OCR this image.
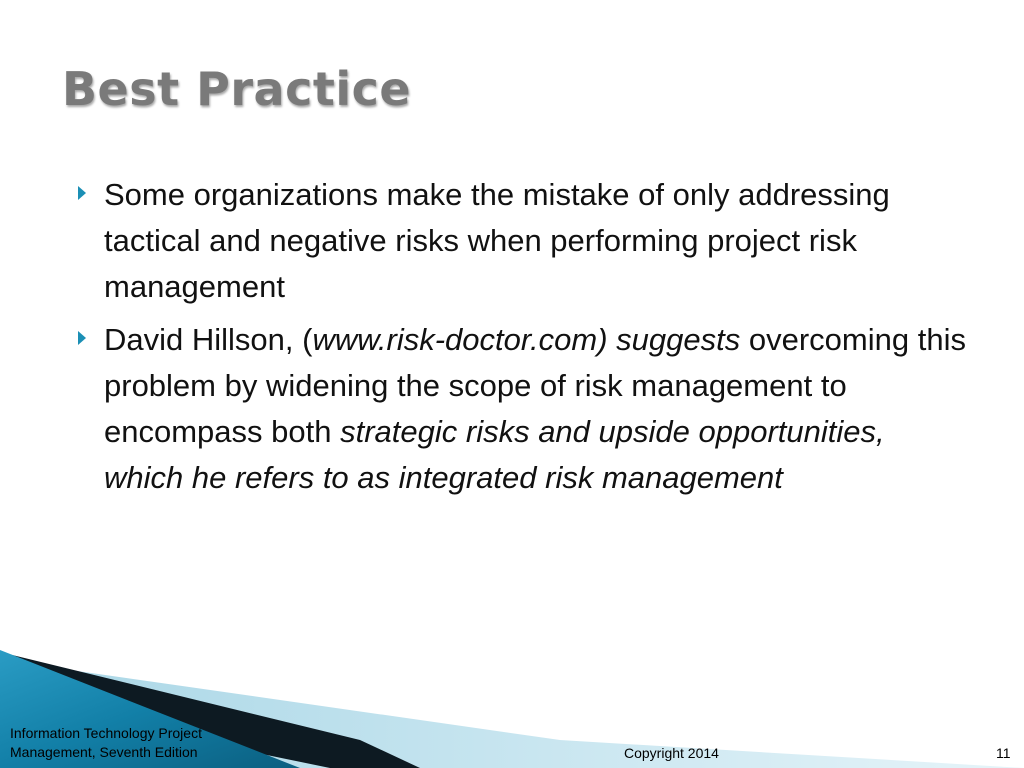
Best Practice
Some organizations make the mistake of only addressing tactical and negative risks when performing project risk management
David Hillson, (www.risk-doctor.com) suggests overcoming this problem by widening the scope of risk management to encompass both strategic risks and upside opportunities, which he refers to as integrated risk management
Information Technology Project
Management, Seventh Edition	Copyright 2014	11
